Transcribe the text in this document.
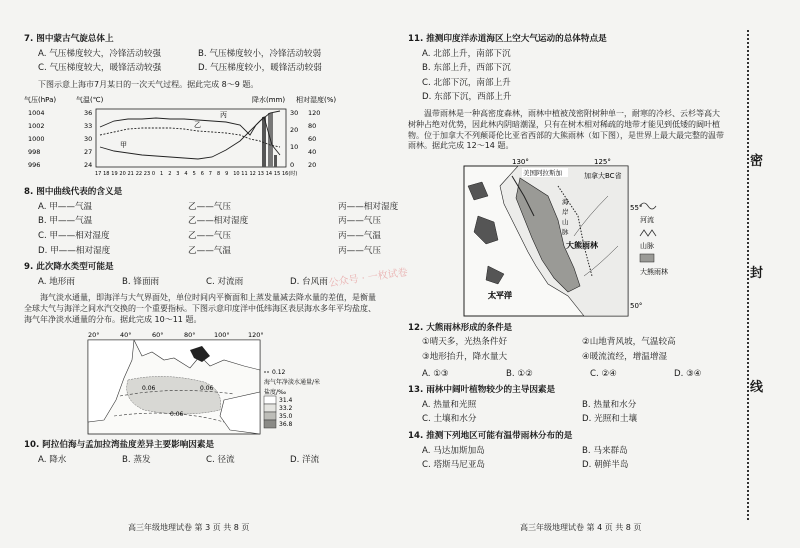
7. 图中蒙古气旋总体上
A. 气压梯度较大，冷锋活动较强	B. 气压梯度较小，冷锋活动较弱
C. 气压梯度较大，暖锋活动较强	D. 气压梯度较小，暖锋活动较弱
下图示意上海市7月某日的一次天气过程。据此完成 8～9 题。
气压(hPa)	气温(℃)	降水(mm) 相对湿度(%)
1004
1002
1000
998
996
36
33
30
27
24
30
20
10
0
120
80
60
40
20
丙
乙
甲
17 18 19 20 21 22 23 0 1 2 3 4 5 6 7 8 9 10 11 12 13 14 15 16(时)
8. 图中曲线代表的含义是
A. 甲——气温	乙——气压	丙——相对湿度
B. 甲——气温	乙——相对湿度	丙——气压
C. 甲——相对湿度	乙——气压	丙——气温
D. 甲——相对湿度	乙——气温	丙——气压
9. 此次降水类型可能是
A. 地形雨	B. 锋面雨	C. 对流雨	D. 台风雨
海气淡水通量，即海洋与大气界面处，单位时间内平衡面和上蒸发量减去降水量的差值，是衡量全球大气与海洋之间水汽交换的一个重要指标。下图示意印度洋中低纬海区表层海水多年平均盐度、海气年净淡水通量的分布。据此完成 10～11 题。
20°	40°	60°	80°	100°	120°
0.06	0.06
0.06
0.12
海气年净淡水通量/米
盐度/‰
31.4
33.2
35.0
36.8
10. 阿拉伯海与孟加拉湾盐度差异主要影响因素是
A. 降水	B. 蒸发	C. 径流	D. 洋流
高三年级地理试卷 第 3 页 共 8 页
公众号 · 一枚试卷君
11. 推测印度洋赤道海区上空大气运动的总体特点是
A. 北部上升，南部下沉
B. 东部上升，西部下沉
C. 北部下沉，南部上升
D. 东部下沉，西部上升
温带雨林是一种高密度森林，雨林中植被茂密附树种单一，耐寒的冷杉、云杉等高大树种占绝对优势，因此林内阴暗潮湿，只有在树木相对稀疏的地带才能见到低矮的阔叶植物。位于加拿大不列颠哥伦比亚省西部的大熊雨林（如下图），是世界上最大最完整的温带雨林。据此完成 12～14 题。
130°	125°
美国阿拉斯加	加拿大BC省
海
岸
山
脉
大熊雨林
太平洋
55°
50°
河流
山脉
大熊雨林
12. 大熊雨林形成的条件是
①晴天多，光热条件好	②山地背风坡，气温较高
③地形抬升，降水量大	④暖流流经，增温增湿
A. ①③	B. ①②	C. ②④	D. ③④
13. 雨林中阔叶植物较少的主导因素是
A. 热量和光照	B. 热量和水分
C. 土壤和水分	D. 光照和土壤
14. 推测下列地区可能有温带雨林分布的是
A. 马达加斯加岛	B. 马来群岛
C. 塔斯马尼亚岛	D. 朝鲜半岛
高三年级地理试卷 第 4 页 共 8 页
密
封
线
